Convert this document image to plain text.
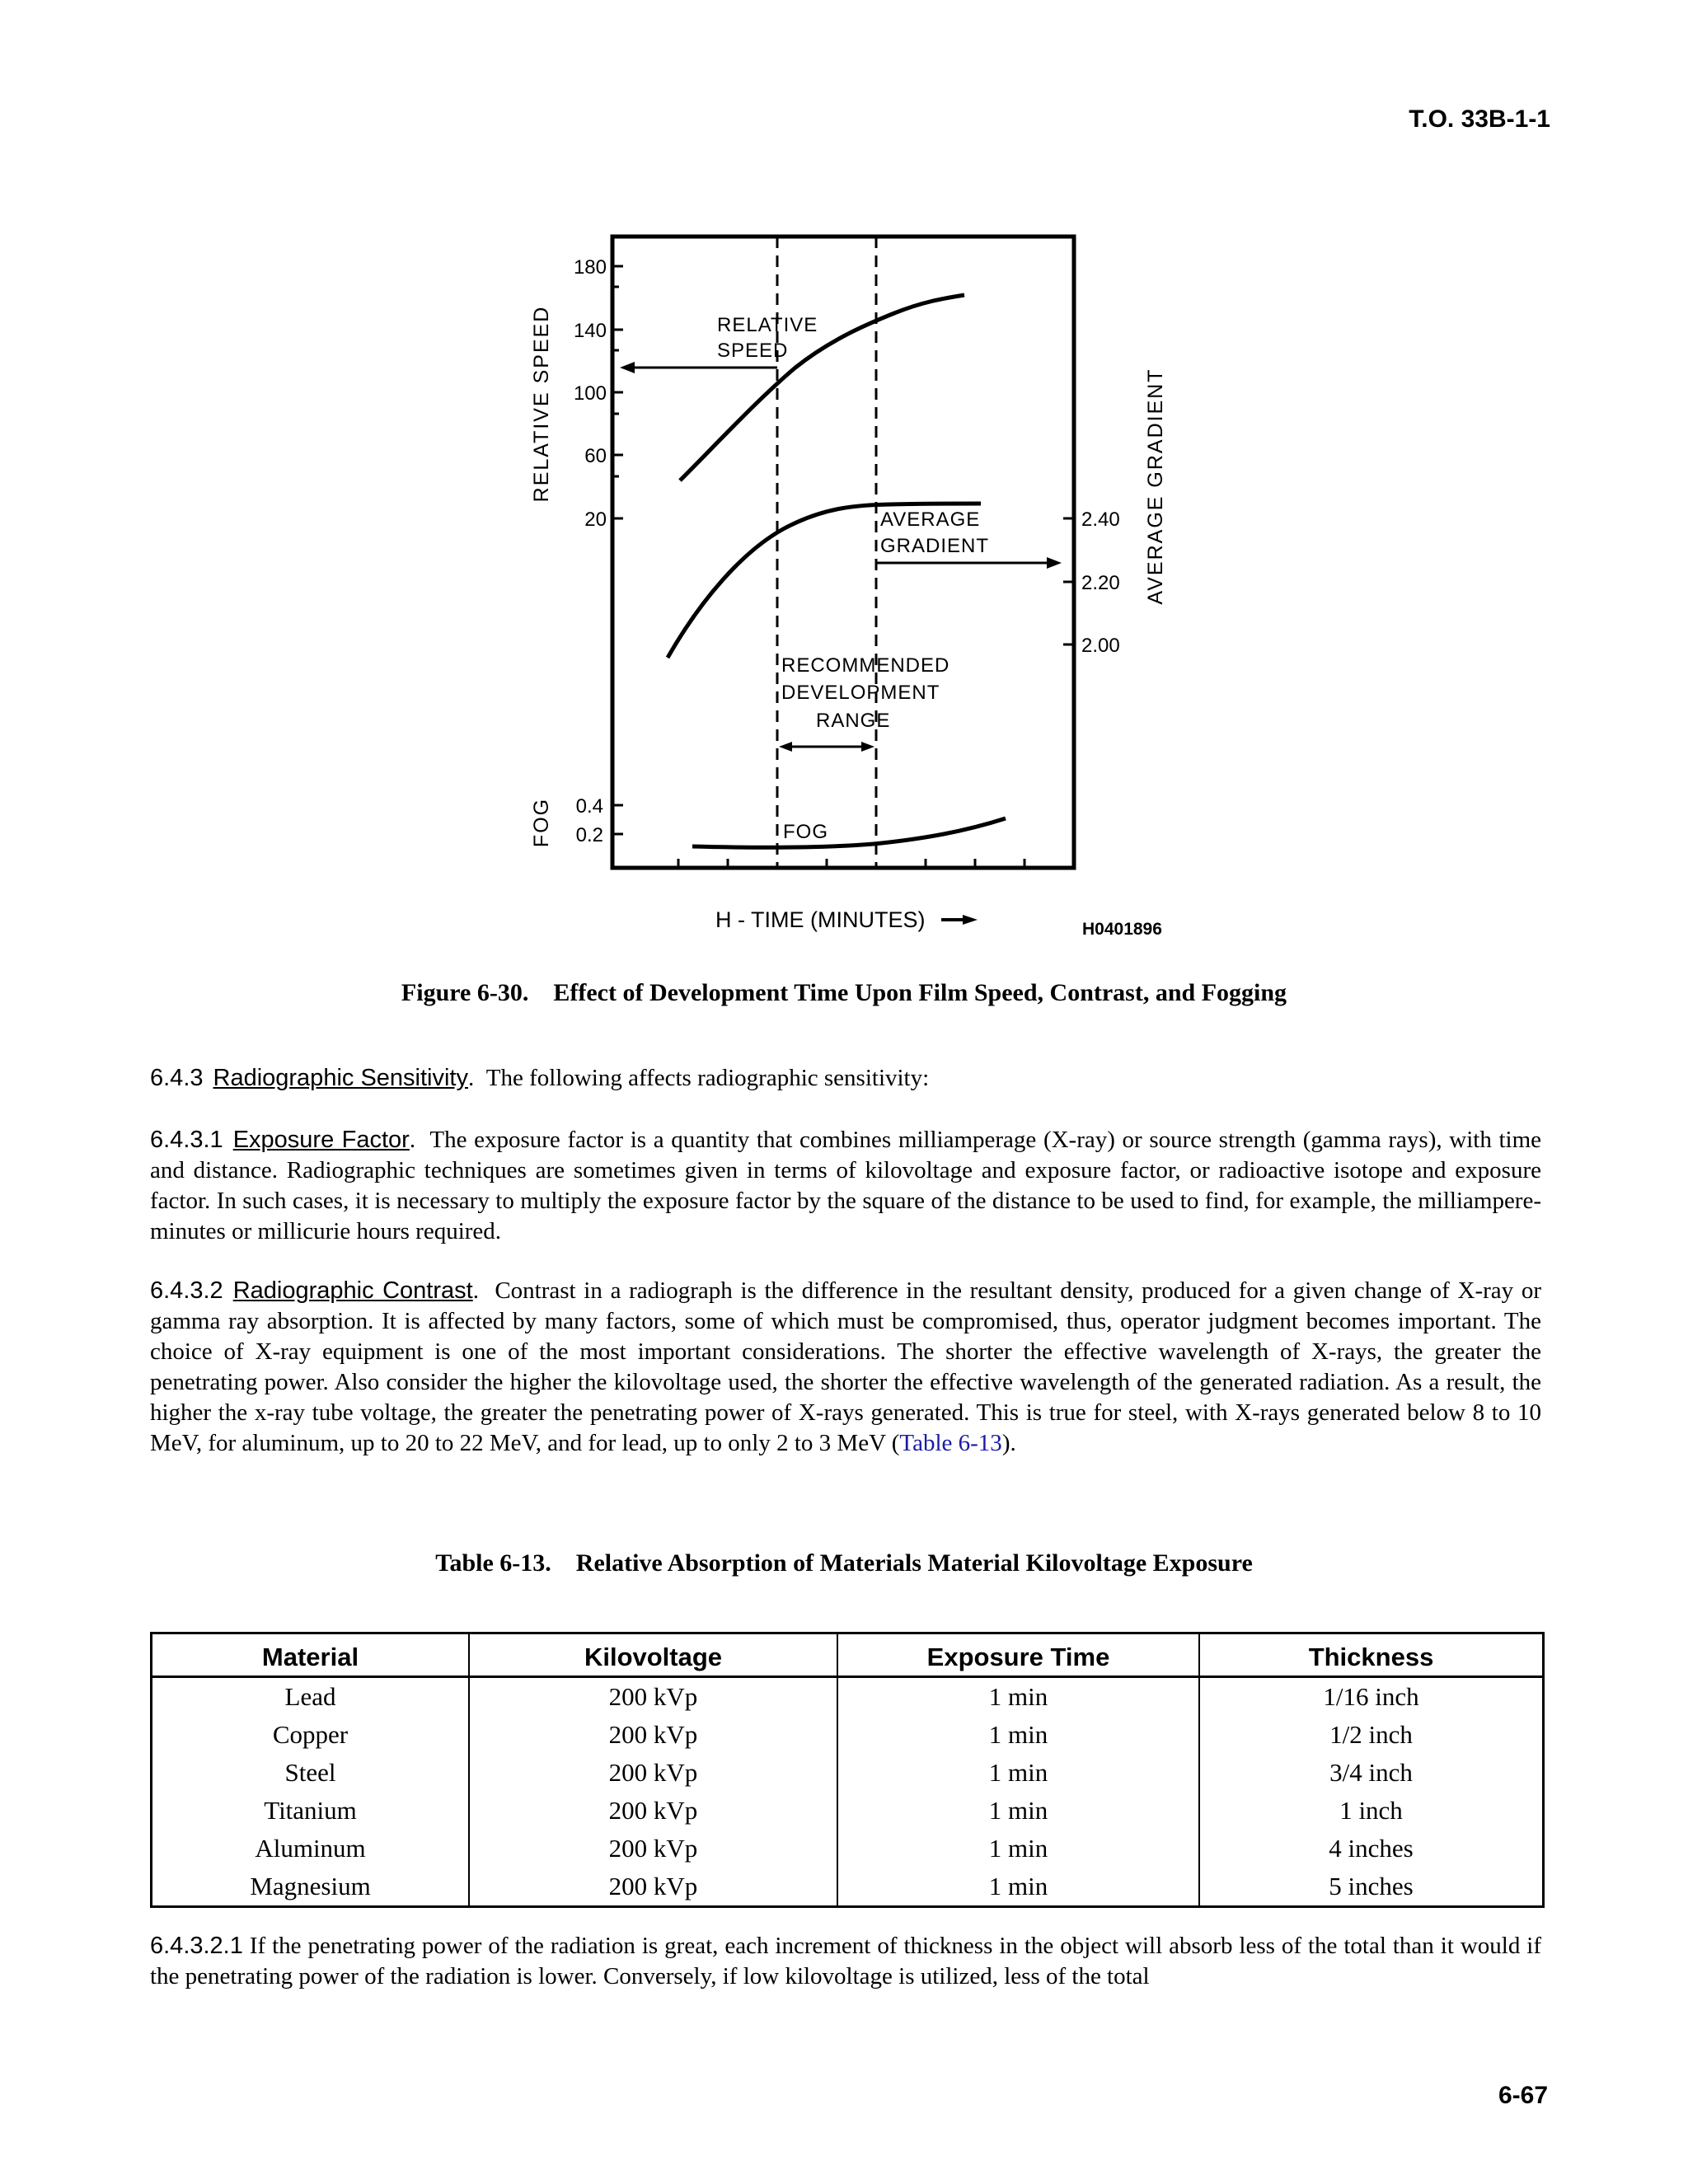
T.O. 33B-1-1
180
140
100
60
20
0.4
0.2
2.40
2.20
2.00
RELATIVE SPEED
FOG
AVERAGE GRADIENT
RELATIVE
SPEED
AVERAGE
GRADIENT
RECOMMENDED
DEVELOPMENT
RANGE
FOG
H - TIME (MINUTES)	H0401896
Figure 6-30. Effect of Development Time Upon Film Speed, Contrast, and Fogging
6.4.3 Radiographic Sensitivity.  The following affects radiographic sensitivity:
6.4.3.1 Exposure Factor.  The exposure factor is a quantity that combines milliamperage (X-ray) or source strength (gamma rays), with time and distance. Radiographic techniques are sometimes given in terms of kilovoltage and exposure factor, or radioactive isotope and exposure factor. In such cases, it is necessary to multiply the exposure factor by the square of the distance to be used to find, for example, the milliampere-minutes or millicurie hours required.
6.4.3.2 Radiographic Contrast.  Contrast in a radiograph is the difference in the resultant density, produced for a given change of X-ray or gamma ray absorption. It is affected by many factors, some of which must be compromised, thus, operator judgment becomes important. The choice of X-ray equipment is one of the most important considerations. The shorter the effective wavelength of X-rays, the greater the penetrating power. Also consider the higher the kilovoltage used, the shorter the effective wavelength of the generated radiation. As a result, the higher the x-ray tube voltage, the greater the penetrating power of X-rays generated. This is true for steel, with X-rays generated below 8 to 10 MeV, for aluminum, up to 20 to 22 MeV, and for lead, up to only 2 to 3 MeV (Table 6-13).
Table 6-13. Relative Absorption of Materials Material Kilovoltage Exposure
Material	Kilovoltage	Exposure Time	Thickness
Lead	200 kVp	1 min	1/16 inch
Copper	200 kVp	1 min	1/2 inch
Steel	200 kVp	1 min	3/4 inch
Titanium	200 kVp	1 min	1 inch
Aluminum	200 kVp	1 min	4 inches
Magnesium	200 kVp	1 min	5 inches
6.4.3.2.1 If the penetrating power of the radiation is great, each increment of thickness in the object will absorb less of the total than it would if the penetrating power of the radiation is lower. Conversely, if low kilovoltage is utilized, less of the total
6-67
